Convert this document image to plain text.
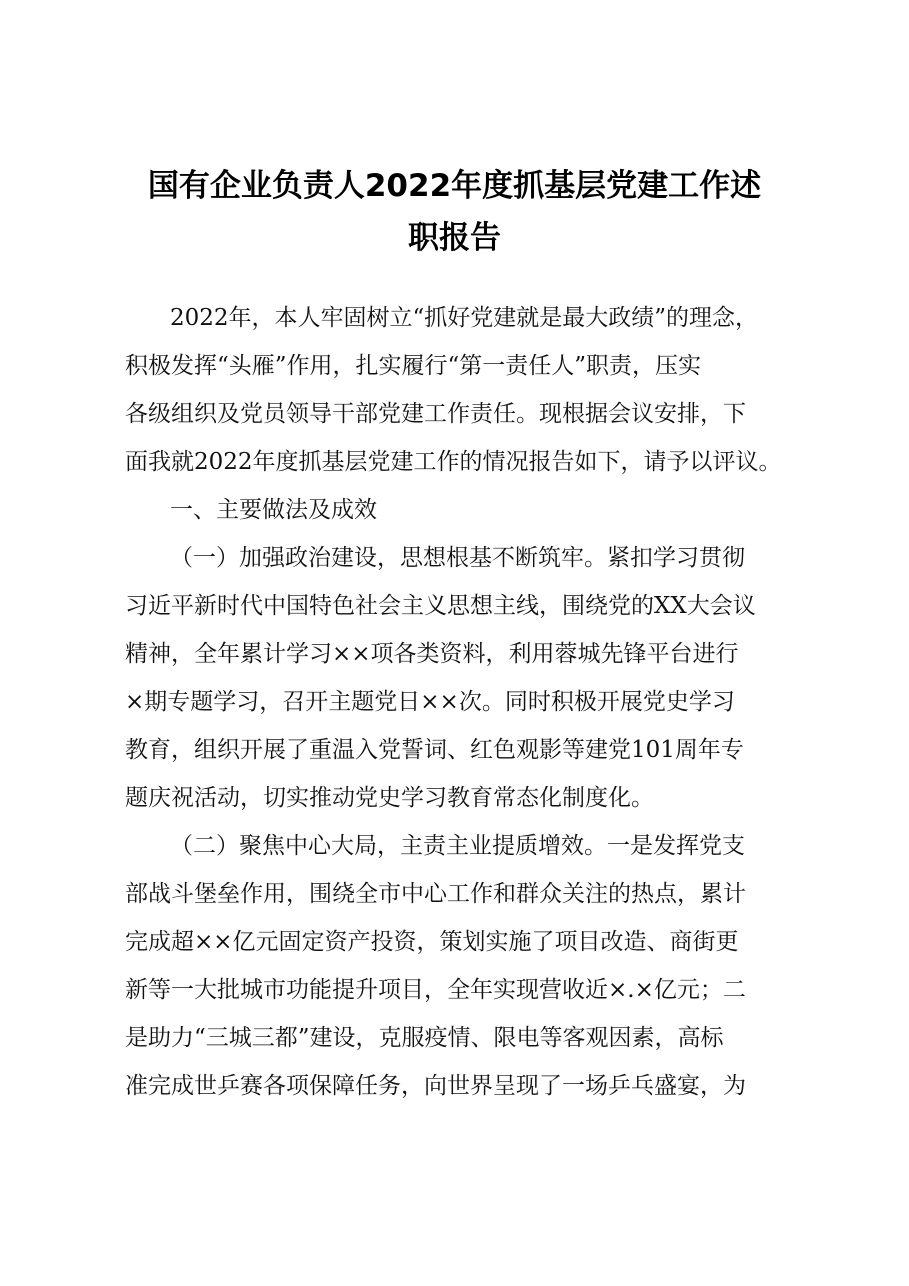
国有企业负责人2022年度抓基层党建工作述
职报告
2022年，本人牢固树立“抓好党建就是最大政绩”的理念，
积极发挥“头雁”作用，扎实履行“第一责任人”职责，压实
各级组织及党员领导干部党建工作责任。现根据会议安排，下
面我就2022年度抓基层党建工作的情况报告如下，请予以评议。
一、主要做法及成效
（一）加强政治建设，思想根基不断筑牢。紧扣学习贯彻
习近平新时代中国特色社会主义思想主线，围绕党的XX大会议
精神，全年累计学习××项各类资料，利用蓉城先锋平台进行
×期专题学习，召开主题党日××次。同时积极开展党史学习
教育，组织开展了重温入党誓词、红色观影等建党101周年专
题庆祝活动，切实推动党史学习教育常态化制度化。
（二）聚焦中心大局，主责主业提质增效。一是发挥党支
部战斗堡垒作用，围绕全市中心工作和群众关注的热点，累计
完成超××亿元固定资产投资，策划实施了项目改造、商街更
新等一大批城市功能提升项目，全年实现营收近×.×亿元；二
是助力“三城三都”建设，克服疫情、限电等客观因素，高标
准完成世乒赛各项保障任务，向世界呈现了一场乒乓盛宴，为
